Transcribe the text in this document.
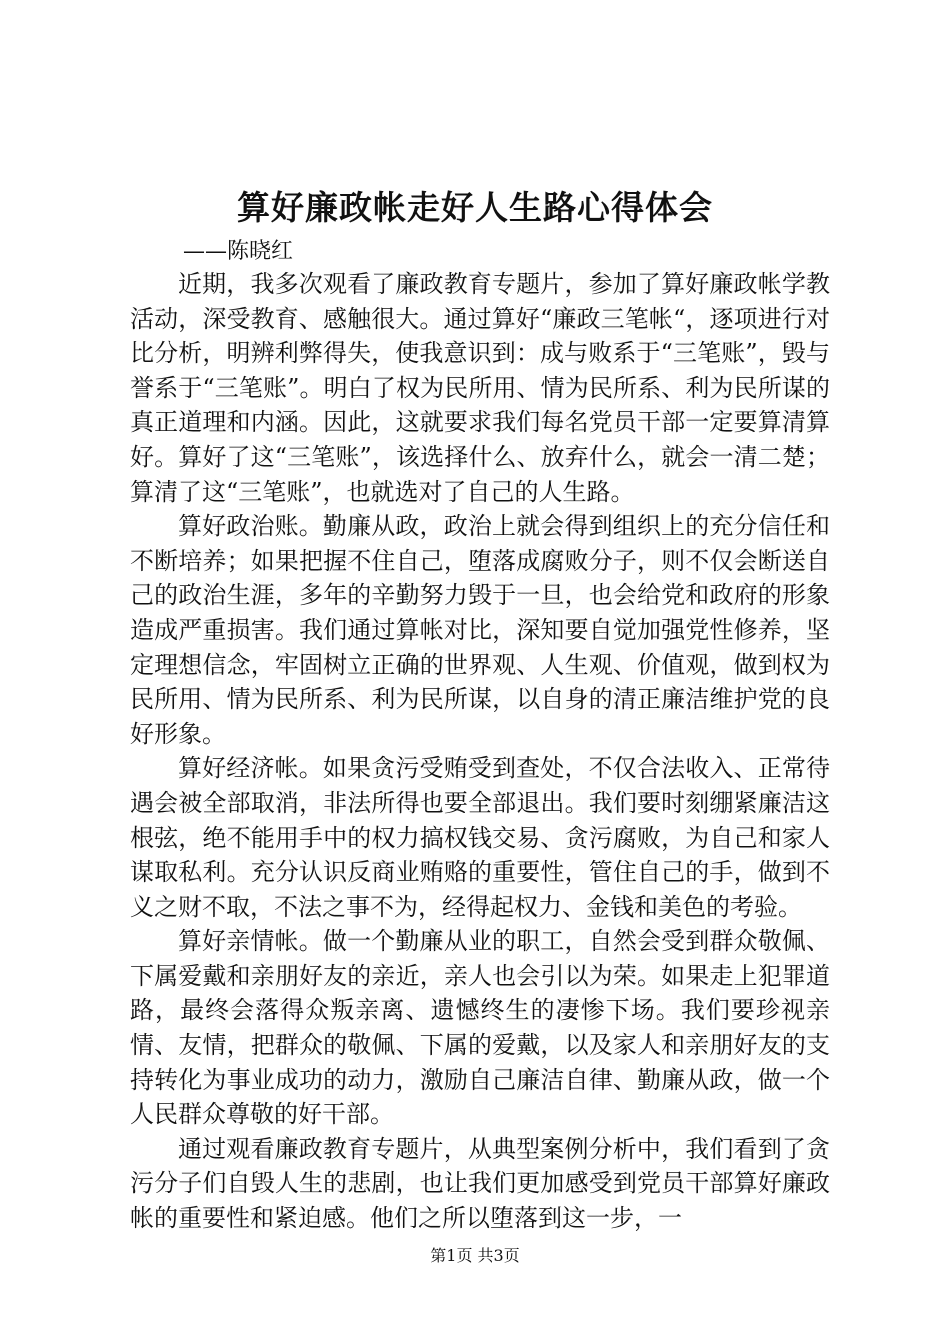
算好廉政帐走好人生路心得体会

——陈晓红

近期，我多次观看了廉政教育专题片，参加了算好廉政帐学教活动，深受教育、感触很大。通过算好“廉政三笔帐“，逐项进行对比分析，明辨利弊得失，使我意识到：成与败系于“三笔账”，毁与誉系于“三笔账”。明白了权为民所用、情为民所系、利为民所谋的真正道理和内涵。因此，这就要求我们每名党员干部一定要算清算好。算好了这“三笔账”，该选择什么、放弃什么，就会一清二楚；算清了这“三笔账”，也就选对了自己的人生路。

算好政治账。勤廉从政，政治上就会得到组织上的充分信任和不断培养；如果把握不住自己，堕落成腐败分子，则不仅会断送自己的政治生涯，多年的辛勤努力毁于一旦，也会给党和政府的形象造成严重损害。我们通过算帐对比，深知要自觉加强党性修养，坚定理想信念，牢固树立正确的世界观、人生观、价值观，做到权为民所用、情为民所系、利为民所谋，以自身的清正廉洁维护党的良好形象。

算好经济帐。如果贪污受贿受到查处，不仅合法收入、正常待遇会被全部取消，非法所得也要全部退出。我们要时刻绷紧廉洁这根弦，绝不能用手中的权力搞权钱交易、贪污腐败，为自己和家人谋取私利。充分认识反商业贿赂的重要性，管住自己的手，做到不义之财不取，不法之事不为，经得起权力、金钱和美色的考验。

算好亲情帐。做一个勤廉从业的职工，自然会受到群众敬佩、下属爱戴和亲朋好友的亲近，亲人也会引以为荣。如果走上犯罪道路，最终会落得众叛亲离、遗憾终生的凄惨下场。我们要珍视亲情、友情，把群众的敬佩、下属的爱戴，以及家人和亲朋好友的支持转化为事业成功的动力，激励自己廉洁自律、勤廉从政，做一个人民群众尊敬的好干部。

通过观看廉政教育专题片，从典型案例分析中，我们看到了贪污分子们自毁人生的悲剧，也让我们更加感受到党员干部算好廉政帐的重要性和紧迫感。他们之所以堕落到这一步，一

第1页 共3页
